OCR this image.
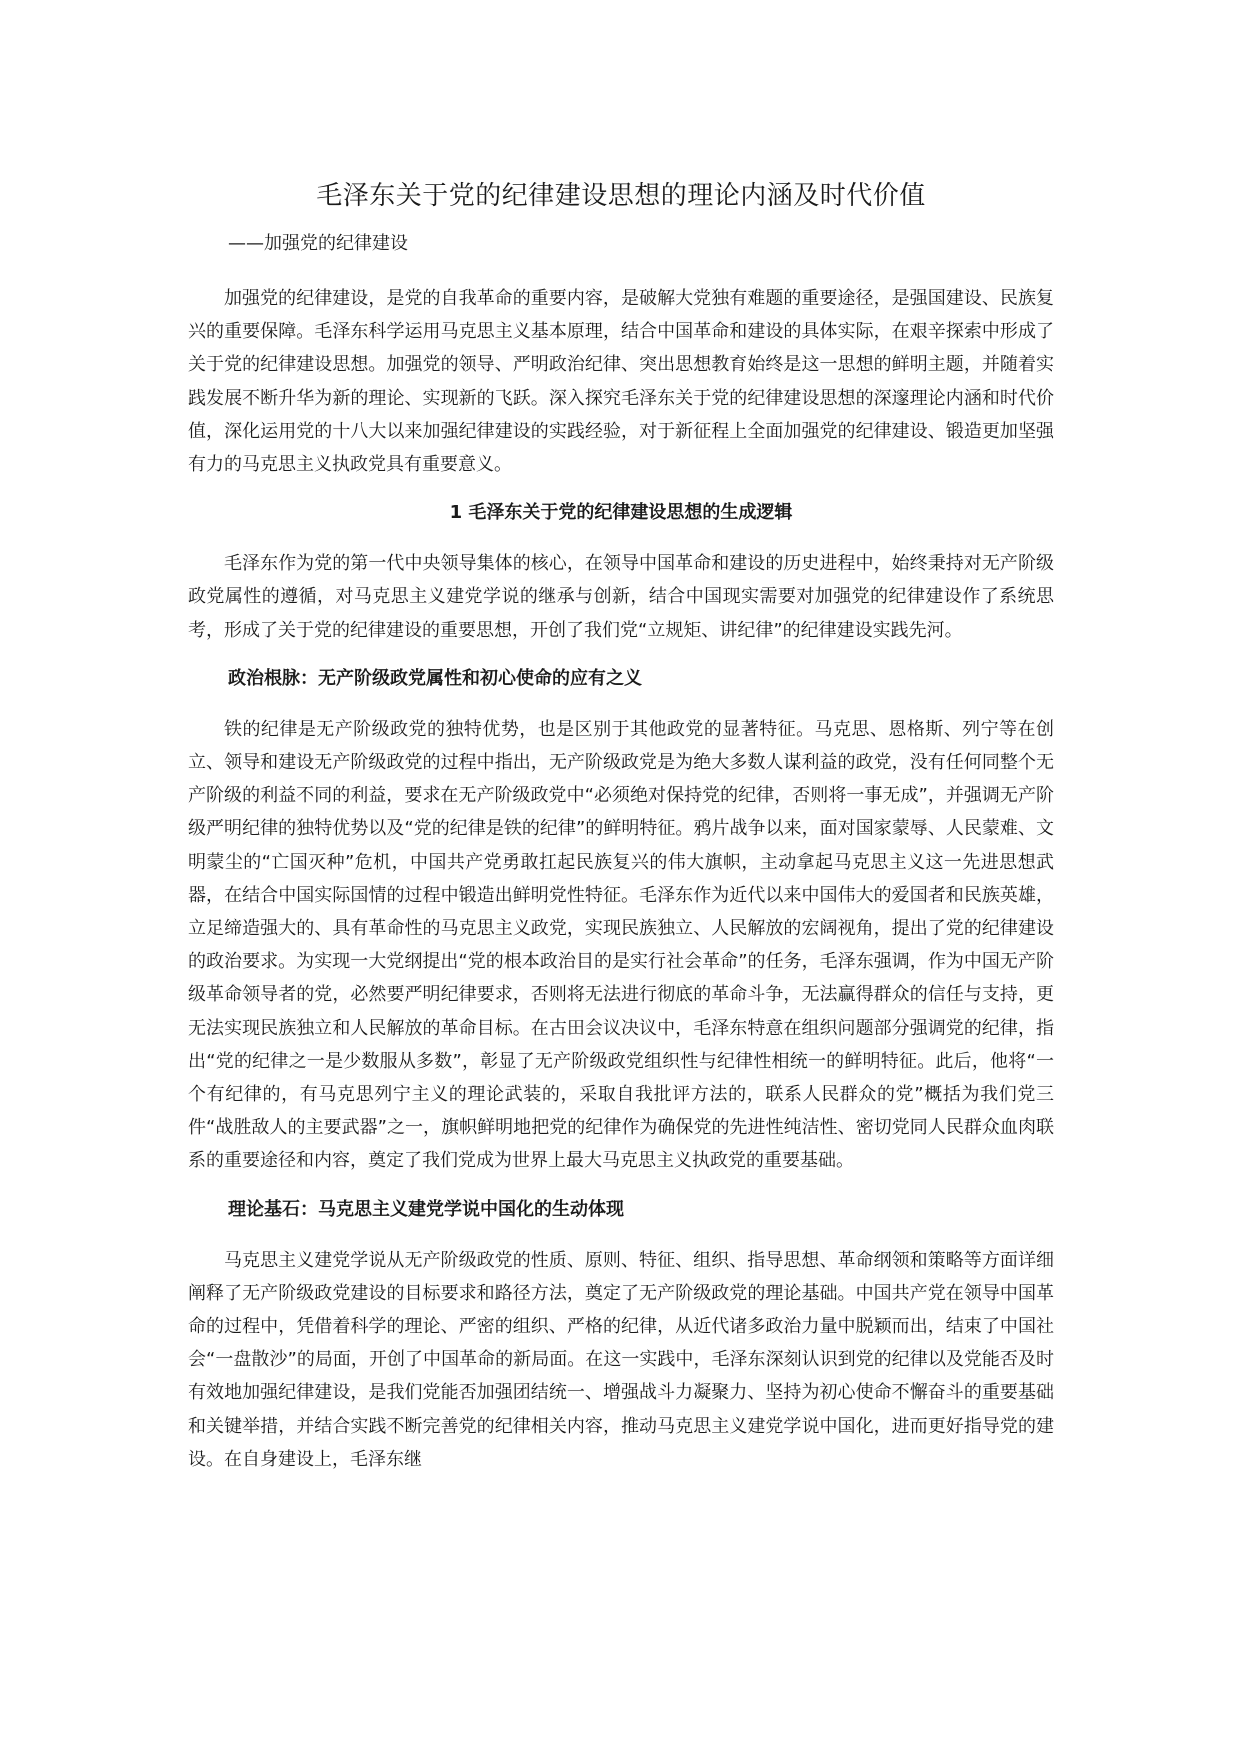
毛泽东关于党的纪律建设思想的理论内涵及时代价值
——加强党的纪律建设

加强党的纪律建设，是党的自我革命的重要内容，是破解大党独有难题的重要途径，是强国建设、民族复兴的重要保障。毛泽东科学运用马克思主义基本原理，结合中国革命和建设的具体实际，在艰辛探索中形成了关于党的纪律建设思想。加强党的领导、严明政治纪律、突出思想教育始终是这一思想的鲜明主题，并随着实践发展不断升华为新的理论、实现新的飞跃。深入探究毛泽东关于党的纪律建设思想的深邃理论内涵和时代价值，深化运用党的十八大以来加强纪律建设的实践经验，对于新征程上全面加强党的纪律建设、锻造更加坚强有力的马克思主义执政党具有重要意义。

1 毛泽东关于党的纪律建设思想的生成逻辑

毛泽东作为党的第一代中央领导集体的核心，在领导中国革命和建设的历史进程中，始终秉持对无产阶级政党属性的遵循，对马克思主义建党学说的继承与创新，结合中国现实需要对加强党的纪律建设作了系统思考，形成了关于党的纪律建设的重要思想，开创了我们党“立规矩、讲纪律”的纪律建设实践先河。

政治根脉：无产阶级政党属性和初心使命的应有之义

铁的纪律是无产阶级政党的独特优势，也是区别于其他政党的显著特征。马克思、恩格斯、列宁等在创立、领导和建设无产阶级政党的过程中指出，无产阶级政党是为绝大多数人谋利益的政党，没有任何同整个无产阶级的利益不同的利益，要求在无产阶级政党中“必须绝对保持党的纪律，否则将一事无成”，并强调无产阶级严明纪律的独特优势以及“党的纪律是铁的纪律”的鲜明特征。鸦片战争以来，面对国家蒙辱、人民蒙难、文明蒙尘的“亡国灭种”危机，中国共产党勇敢扛起民族复兴的伟大旗帜，主动拿起马克思主义这一先进思想武器，在结合中国实际国情的过程中锻造出鲜明党性特征。毛泽东作为近代以来中国伟大的爱国者和民族英雄，立足缔造强大的、具有革命性的马克思主义政党，实现民族独立、人民解放的宏阔视角，提出了党的纪律建设的政治要求。为实现一大党纲提出“党的根本政治目的是实行社会革命”的任务，毛泽东强调，作为中国无产阶级革命领导者的党，必然要严明纪律要求，否则将无法进行彻底的革命斗争，无法赢得群众的信任与支持，更无法实现民族独立和人民解放的革命目标。在古田会议决议中，毛泽东特意在组织问题部分强调党的纪律，指出“党的纪律之一是少数服从多数”，彰显了无产阶级政党组织性与纪律性相统一的鲜明特征。此后，他将“一个有纪律的，有马克思列宁主义的理论武装的，采取自我批评方法的，联系人民群众的党”概括为我们党三件“战胜敌人的主要武器”之一，旗帜鲜明地把党的纪律作为确保党的先进性纯洁性、密切党同人民群众血肉联系的重要途径和内容，奠定了我们党成为世界上最大马克思主义执政党的重要基础。

理论基石：马克思主义建党学说中国化的生动体现

马克思主义建党学说从无产阶级政党的性质、原则、特征、组织、指导思想、革命纲领和策略等方面详细阐释了无产阶级政党建设的目标要求和路径方法，奠定了无产阶级政党的理论基础。中国共产党在领导中国革命的过程中，凭借着科学的理论、严密的组织、严格的纪律，从近代诸多政治力量中脱颖而出，结束了中国社会“一盘散沙”的局面，开创了中国革命的新局面。在这一实践中，毛泽东深刻认识到党的纪律以及党能否及时有效地加强纪律建设，是我们党能否加强团结统一、增强战斗力凝聚力、坚持为初心使命不懈奋斗的重要基础和关键举措，并结合实践不断完善党的纪律相关内容，推动马克思主义建党学说中国化，进而更好指导党的建设。在自身建设上，毛泽东继
